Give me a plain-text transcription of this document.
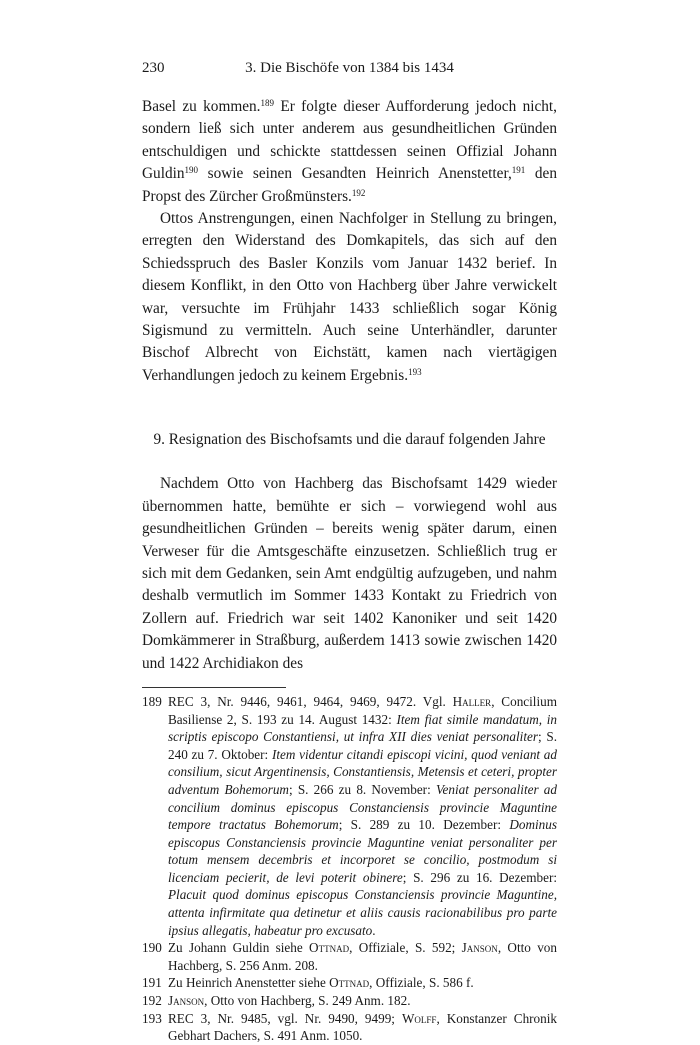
230	3. Die Bischöfe von 1384 bis 1434

Basel zu kommen.$^{189}$ Er folgte dieser Aufforderung jedoch nicht, sondern ließ sich unter anderem aus gesundheitlichen Gründen entschuldigen und schickte stattdessen seinen Offizial Johann Guldin$^{190}$ sowie seinen Gesandten Heinrich Anenstetter,$^{191}$ den Propst des Zürcher Großmünsters.$^{192}$

Ottos Anstrengungen, einen Nachfolger in Stellung zu bringen, erregten den Widerstand des Domkapitels, das sich auf den Schiedsspruch des Basler Konzils vom Januar 1432 berief. In diesem Konflikt, in den Otto von Hachberg über Jahre verwickelt war, versuchte im Frühjahr 1433 schließlich sogar König Sigismund zu vermitteln. Auch seine Unterhändler, darunter Bischof Albrecht von Eichstätt, kamen nach viertägigen Verhandlungen jedoch zu keinem Ergebnis.$^{193}$

9. Resignation des Bischofsamts und die darauf folgenden Jahre

Nachdem Otto von Hachberg das Bischofsamt 1429 wieder übernommen hatte, bemühte er sich – vorwiegend wohl aus gesundheitlichen Gründen – bereits wenig später darum, einen Verweser für die Amtsgeschäfte einzusetzen. Schließlich trug er sich mit dem Gedanken, sein Amt endgültig aufzugeben, und nahm deshalb vermutlich im Sommer 1433 Kontakt zu Friedrich von Zollern auf. Friedrich war seit 1402 Kanoniker und seit 1420 Domkämmerer in Straßburg, außerdem 1413 sowie zwischen 1420 und 1422 Archidiakon des

189 REC 3, Nr. 9446, 9461, 9464, 9469, 9472. Vgl. Haller, Concilium Basiliense 2, S. 193 zu 14. August 1432: Item fiat simile mandatum, in scriptis episcopo Constantiensi, ut infra XII dies veniat personaliter; S. 240 zu 7. Oktober: Item videntur citandi episcopi vicini, quod veniant ad consilium, sicut Argentinensis, Constantiensis, Metensis et ceteri, propter adventum Bohemorum; S. 266 zu 8. November: Veniat personaliter ad concilium dominus episcopus Constanciensis provincie Maguntine tempore tractatus Bohemorum; S. 289 zu 10. Dezember: Dominus episcopus Constanciensis provincie Maguntine veniat personaliter per totum mensem decembris et incorporet se concilio, postmodum si licenciam pecierit, de levi poterit obinere; S. 296 zu 16. Dezember: Placuit quod dominus episcopus Constanciensis provincie Maguntine, attenta infirmitate qua detinetur et aliis causis racionabilibus pro parte ipsius allegatis, habeatur pro excusato.
190 Zu Johann Guldin siehe Ottnad, Offiziale, S. 592; Janson, Otto von Hachberg, S. 256 Anm. 208.
191 Zu Heinrich Anenstetter siehe Ottnad, Offiziale, S. 586 f.
192 Janson, Otto von Hachberg, S. 249 Anm. 182.
193 REC 3, Nr. 9485, vgl. Nr. 9490, 9499; Wolff, Konstanzer Chronik Gebhart Dachers, S. 491 Anm. 1050.
